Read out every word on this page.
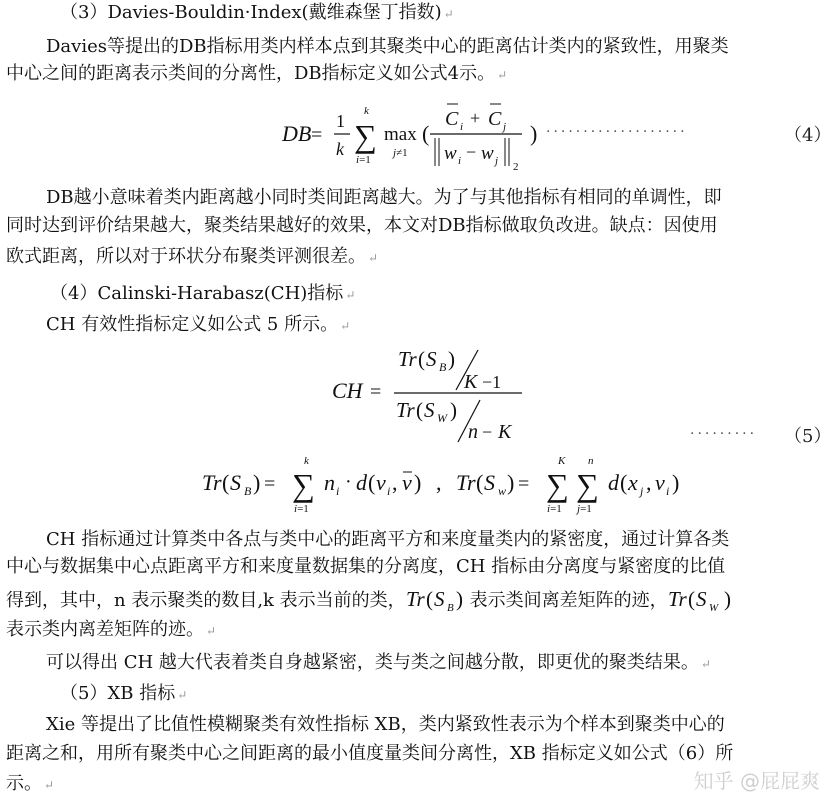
（3）Davies-Bouldin·Index(戴维森堡丁指数) ↵
Davies等提出的DB指标用类内样本点到其聚类中心的距离估计类内的紧致性，用聚类
中心之间的距离表示类间的分离性，DB指标定义如公式4示。 ↵
DB =
1
k
k
∑
i=1
max
j≠1
(
C i + C j
w i − w j 2
) ···················	（4）
DB越小意味着类内距离越小同时类间距离越大。为了与其他指标有相同的单调性，即
同时达到评价结果越大，聚类结果越好的效果，本文对DB指标做取负改进。缺点：因使用
欧式距离，所以对于环状分布聚类评测很差。 ↵
（4）Calinski-Harabasz(CH)指标 ↵
CH 有效性指标定义如公式 5 所示。 ↵
CH =
Tr ( S B )
K −1
Tr ( S W )
n − K	········· （5）
Tr ( S B ) =
k
∑
i=1
n i · d ( v i , v ) , Tr ( S w ) =
K
∑
i=1
n
∑
j=1
d ( x j , v i )
CH 指标通过计算类中各点与类中心的距离平方和来度量类内的紧密度，通过计算各类
中心与数据集中心点距离平方和来度量数据集的分离度，CH 指标由分离度与紧密度的比值
得到，其中，n 表示聚类的数目,k 表示当前的类， Tr ( S B ) 表示类间离差矩阵的迹， Tr ( S W )
表示类内离差矩阵的迹。 ↵
可以得出 CH 越大代表着类自身越紧密，类与类之间越分散，即更优的聚类结果。 ↵
（5）XB 指标 ↵
Xie 等提出了比值性模糊聚类有效性指标 XB，类内紧致性表示为个样本到聚类中心的
距离之和，用所有聚类中心之间距离的最小值度量类间分离性，XB 指标定义如公式（6）所
示。 ↵	知乎 @屁屁爽
